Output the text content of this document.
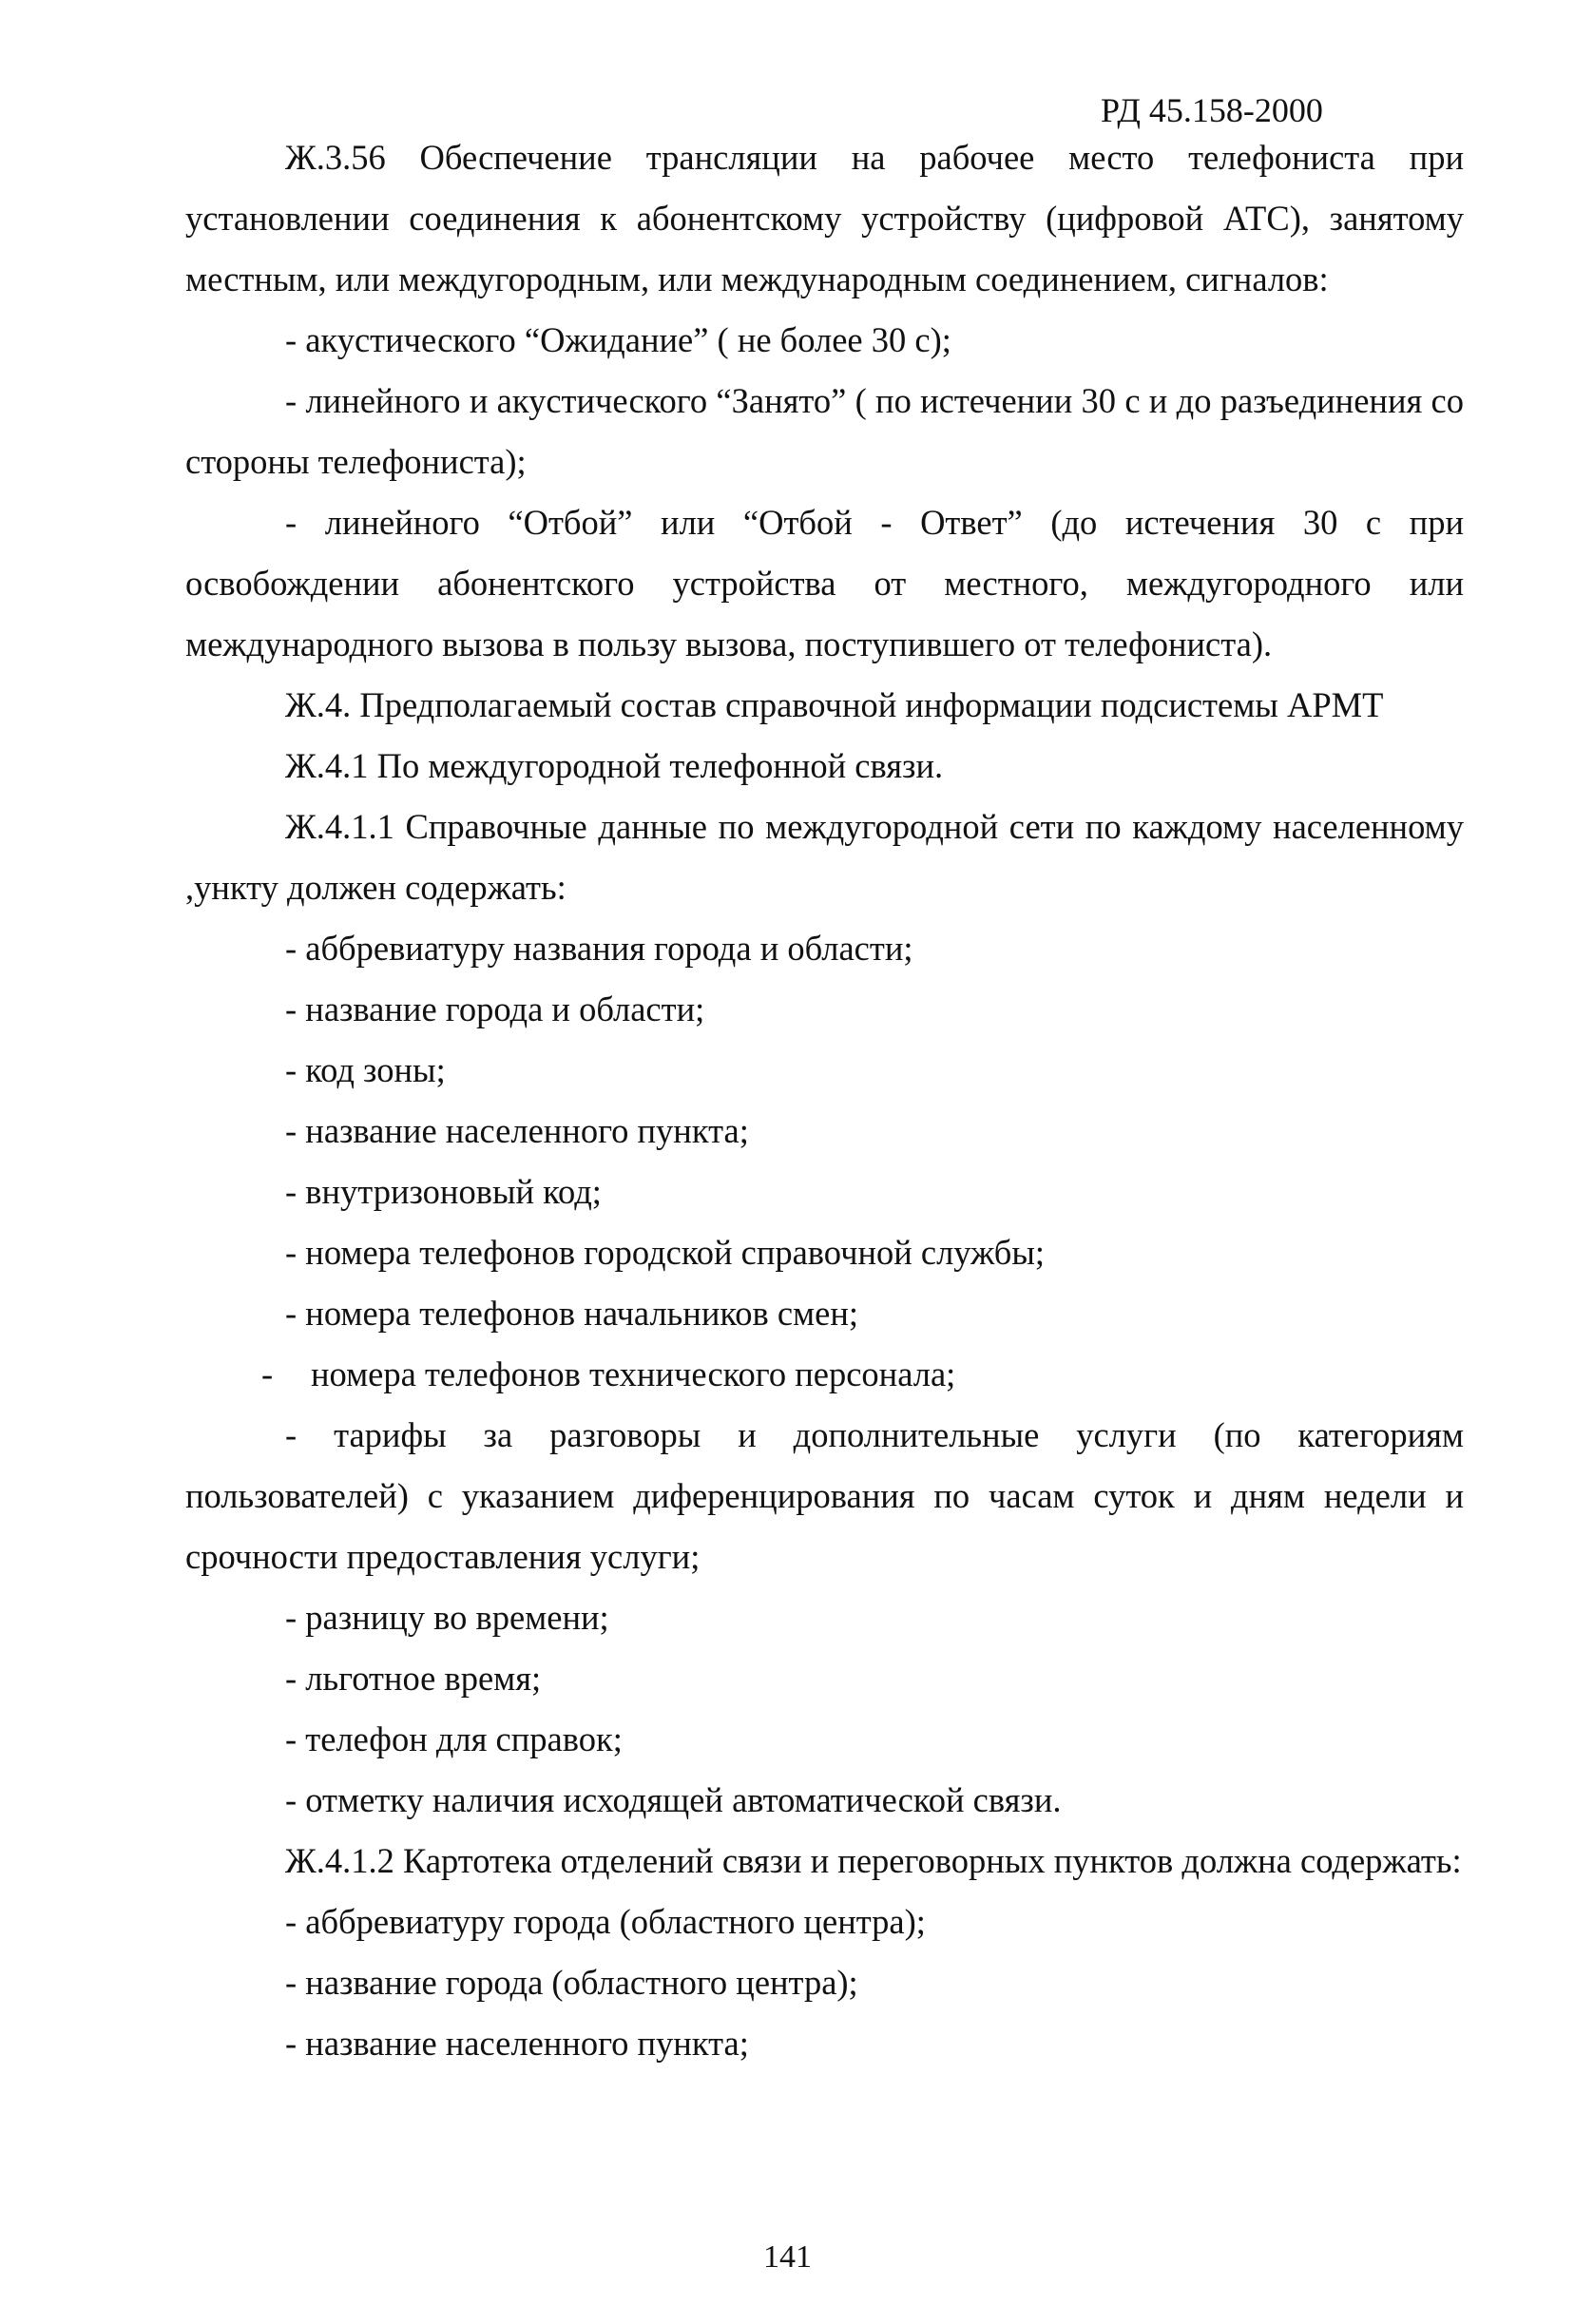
РД 45.158-2000

Ж.3.56 Обеспечение трансляции на рабочее место телефониста при установлении соединения к абонентскому устройству (цифровой АТС), занятому местным, или междугородным, или международным соединением, сигналов:

- акустического “Ожидание” ( не более 30 с);

- линейного и акустического “Занято” ( по истечении 30 с и до разъединения со стороны телефониста);

- линейного “Отбой” или “Отбой - Ответ” (до истечения 30 с при освобождении абонентского устройства от местного, междугородного или международного вызова в пользу вызова, поступившего от телефониста).

Ж.4. Предполагаемый состав справочной информации подсистемы АРМТ

Ж.4.1 По междугородной телефонной связи.

Ж.4.1.1 Справочные данные по междугородной сети по каждому населенному ,ункту должен содержать:

- аббревиатуру названия города и области;

- название города и области;

- код зоны;

- название населенного пункта;

- внутризоновый код;

- номера телефонов городской справочной службы;

- номера телефонов начальников смен;

- номера телефонов технического персонала;

- тарифы за разговоры и дополнительные услуги (по категориям пользователей) с указанием диференцирования по часам суток и дням недели и срочности предоставления услуги;

- разницу во времени;

- льготное время;

- телефон для справок;

- отметку наличия исходящей автоматической связи.

Ж.4.1.2 Картотека отделений связи и переговорных пунктов должна содержать:

- аббревиатуру города (областного центра);

- название города (областного центра);

- название населенного пункта;

141
